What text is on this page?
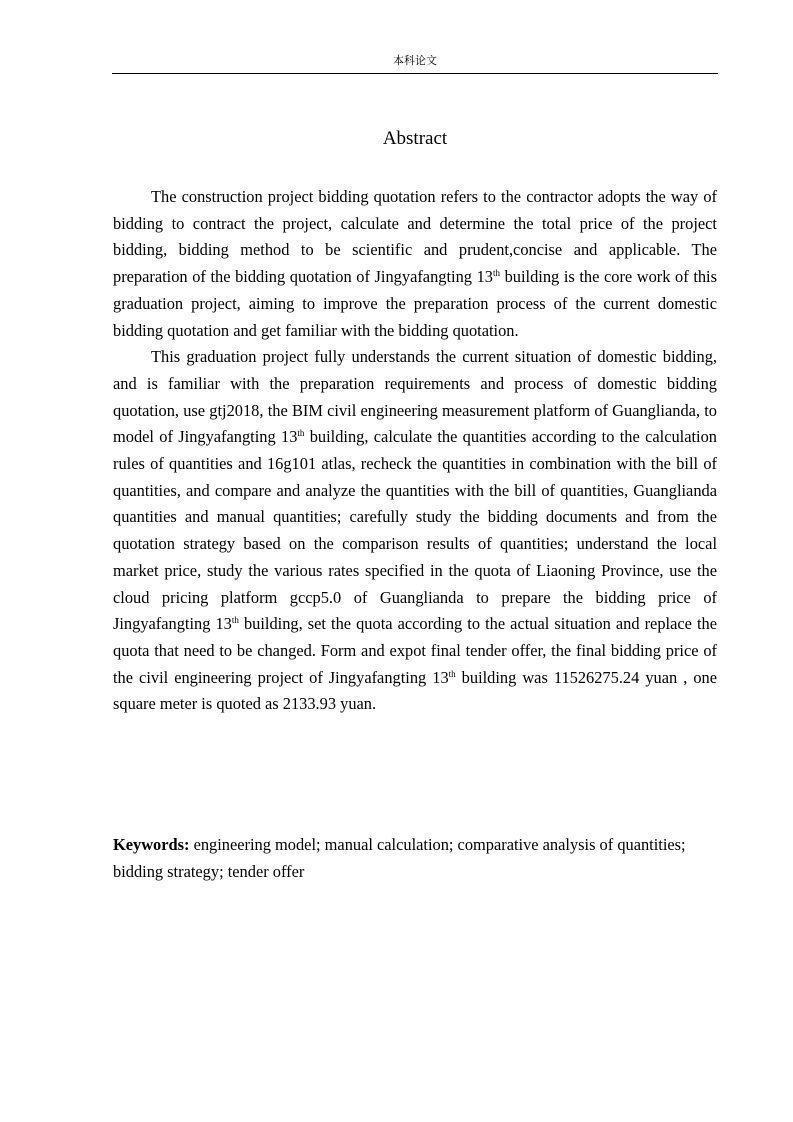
本科论文
Abstract

The construction project bidding quotation refers to the contractor adopts the way of bidding to contract the project, calculate and determine the total price of the project bidding, bidding method to be scientific and prudent,concise and applicable. The preparation of the bidding quotation of Jingyafangting 13th building is the core work of this graduation project, aiming to improve the preparation process of the current domestic bidding quotation and get familiar with the bidding quotation.

This graduation project fully understands the current situation of domestic bidding, and is familiar with the preparation requirements and process of domestic bidding quotation, use gtj2018, the BIM civil engineering measurement platform of Guanglianda, to model of Jingyafangting 13th building, calculate the quantities according to the calculation rules of quantities and 16g101 atlas, recheck the quantities in combination with the bill of quantities, and compare and analyze the quantities with the bill of quantities, Guanglianda quantities and manual quantities; carefully study the bidding documents and from the quotation strategy based on the comparison results of quantities; understand the local market price, study the various rates specified in the quota of Liaoning Province, use the cloud pricing platform gccp5.0 of Guanglianda to prepare the bidding price of Jingyafangting 13th building, set the quota according to the actual situation and replace the quota that need to be changed. Form and expot final tender offer, the final bidding price of the civil engineering project of Jingyafangting 13th building was 11526275.24 yuan , one square meter is quoted as 2133.93 yuan.

Keywords: engineering model; manual calculation; comparative analysis of quantities; bidding strategy; tender offer
